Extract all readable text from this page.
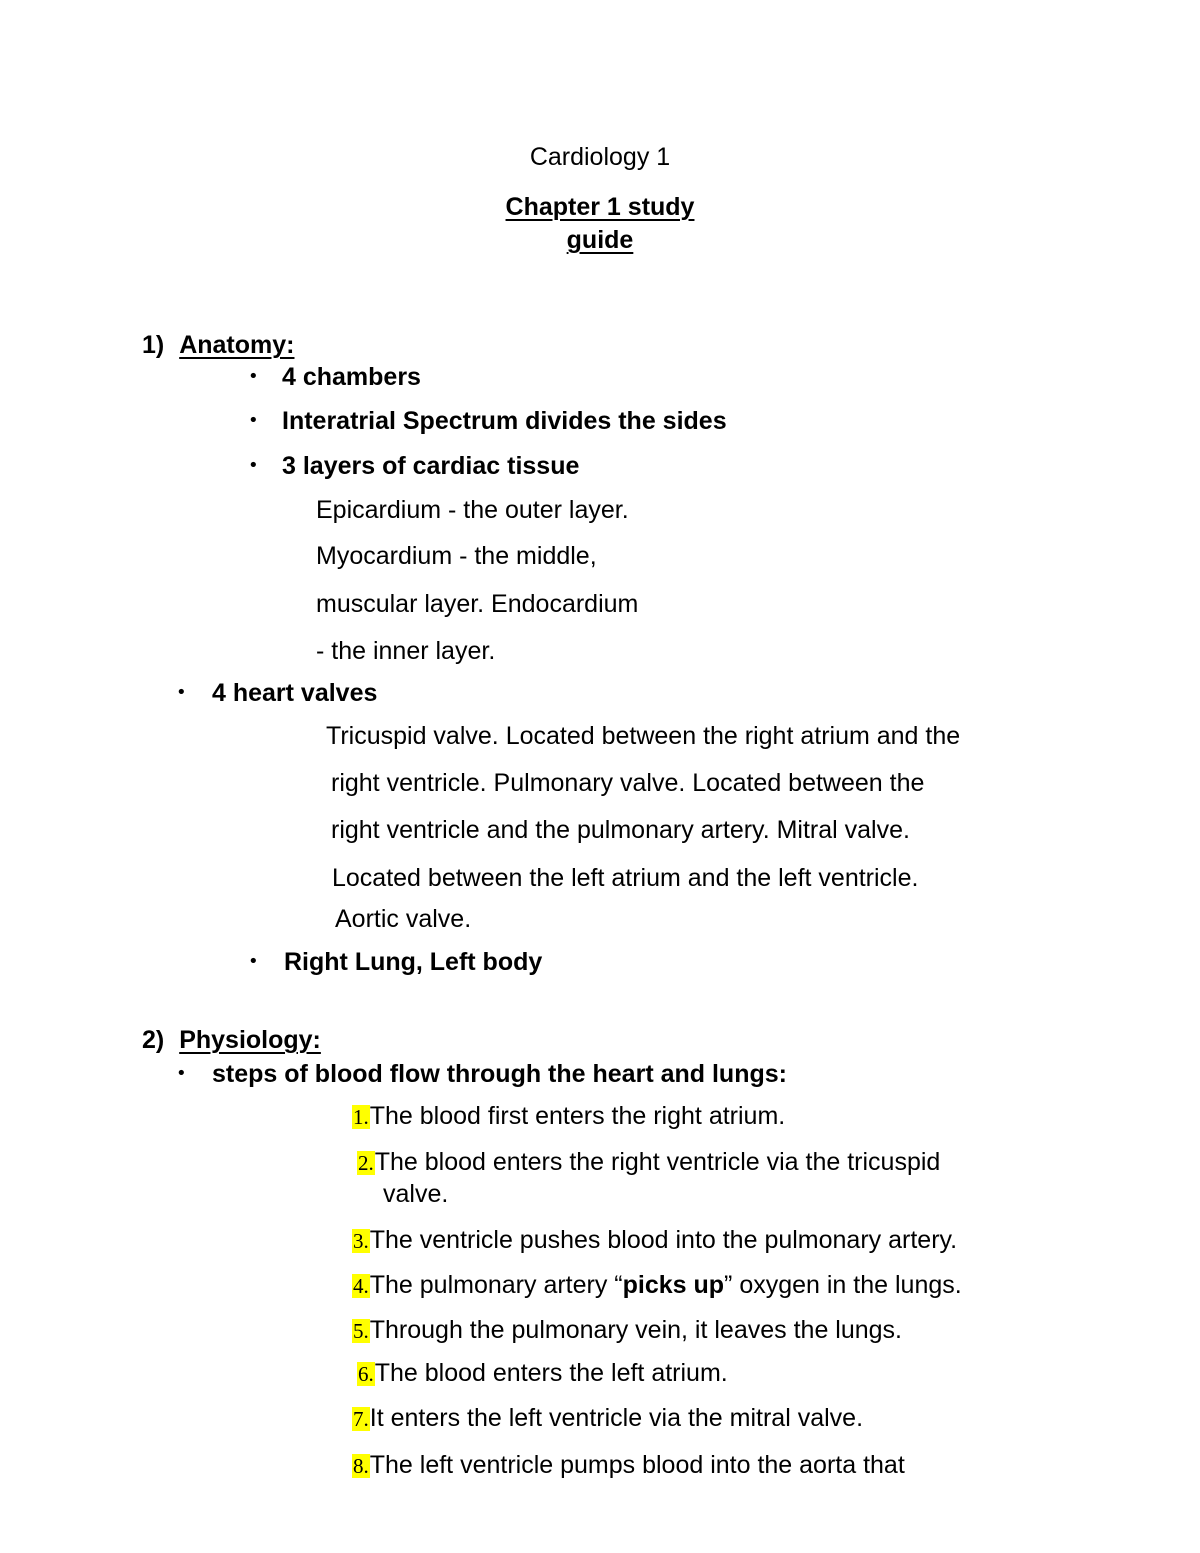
Cardiology 1
Chapter 1 study
guide
1) Anatomy:
• 4 chambers
• Interatrial Spectrum divides the sides
• 3 layers of cardiac tissue
Epicardium - the outer layer.
Myocardium - the middle,
muscular layer. Endocardium
- the inner layer.
• 4 heart valves
Tricuspid valve. Located between the right atrium and the
right ventricle. Pulmonary valve. Located between the
right ventricle and the pulmonary artery. Mitral valve.
Located between the left atrium and the left ventricle.
Aortic valve.
• Right Lung, Left body
2) Physiology:
• steps of blood flow through the heart and lungs:
1.The blood first enters the right atrium.
2.The blood enters the right ventricle via the tricuspid
valve.
3.The ventricle pushes blood into the pulmonary artery.
4.The pulmonary artery “picks up” oxygen in the lungs.
5.Through the pulmonary vein, it leaves the lungs.
6.The blood enters the left atrium.
7.It enters the left ventricle via the mitral valve.
8.The left ventricle pumps blood into the aorta that
